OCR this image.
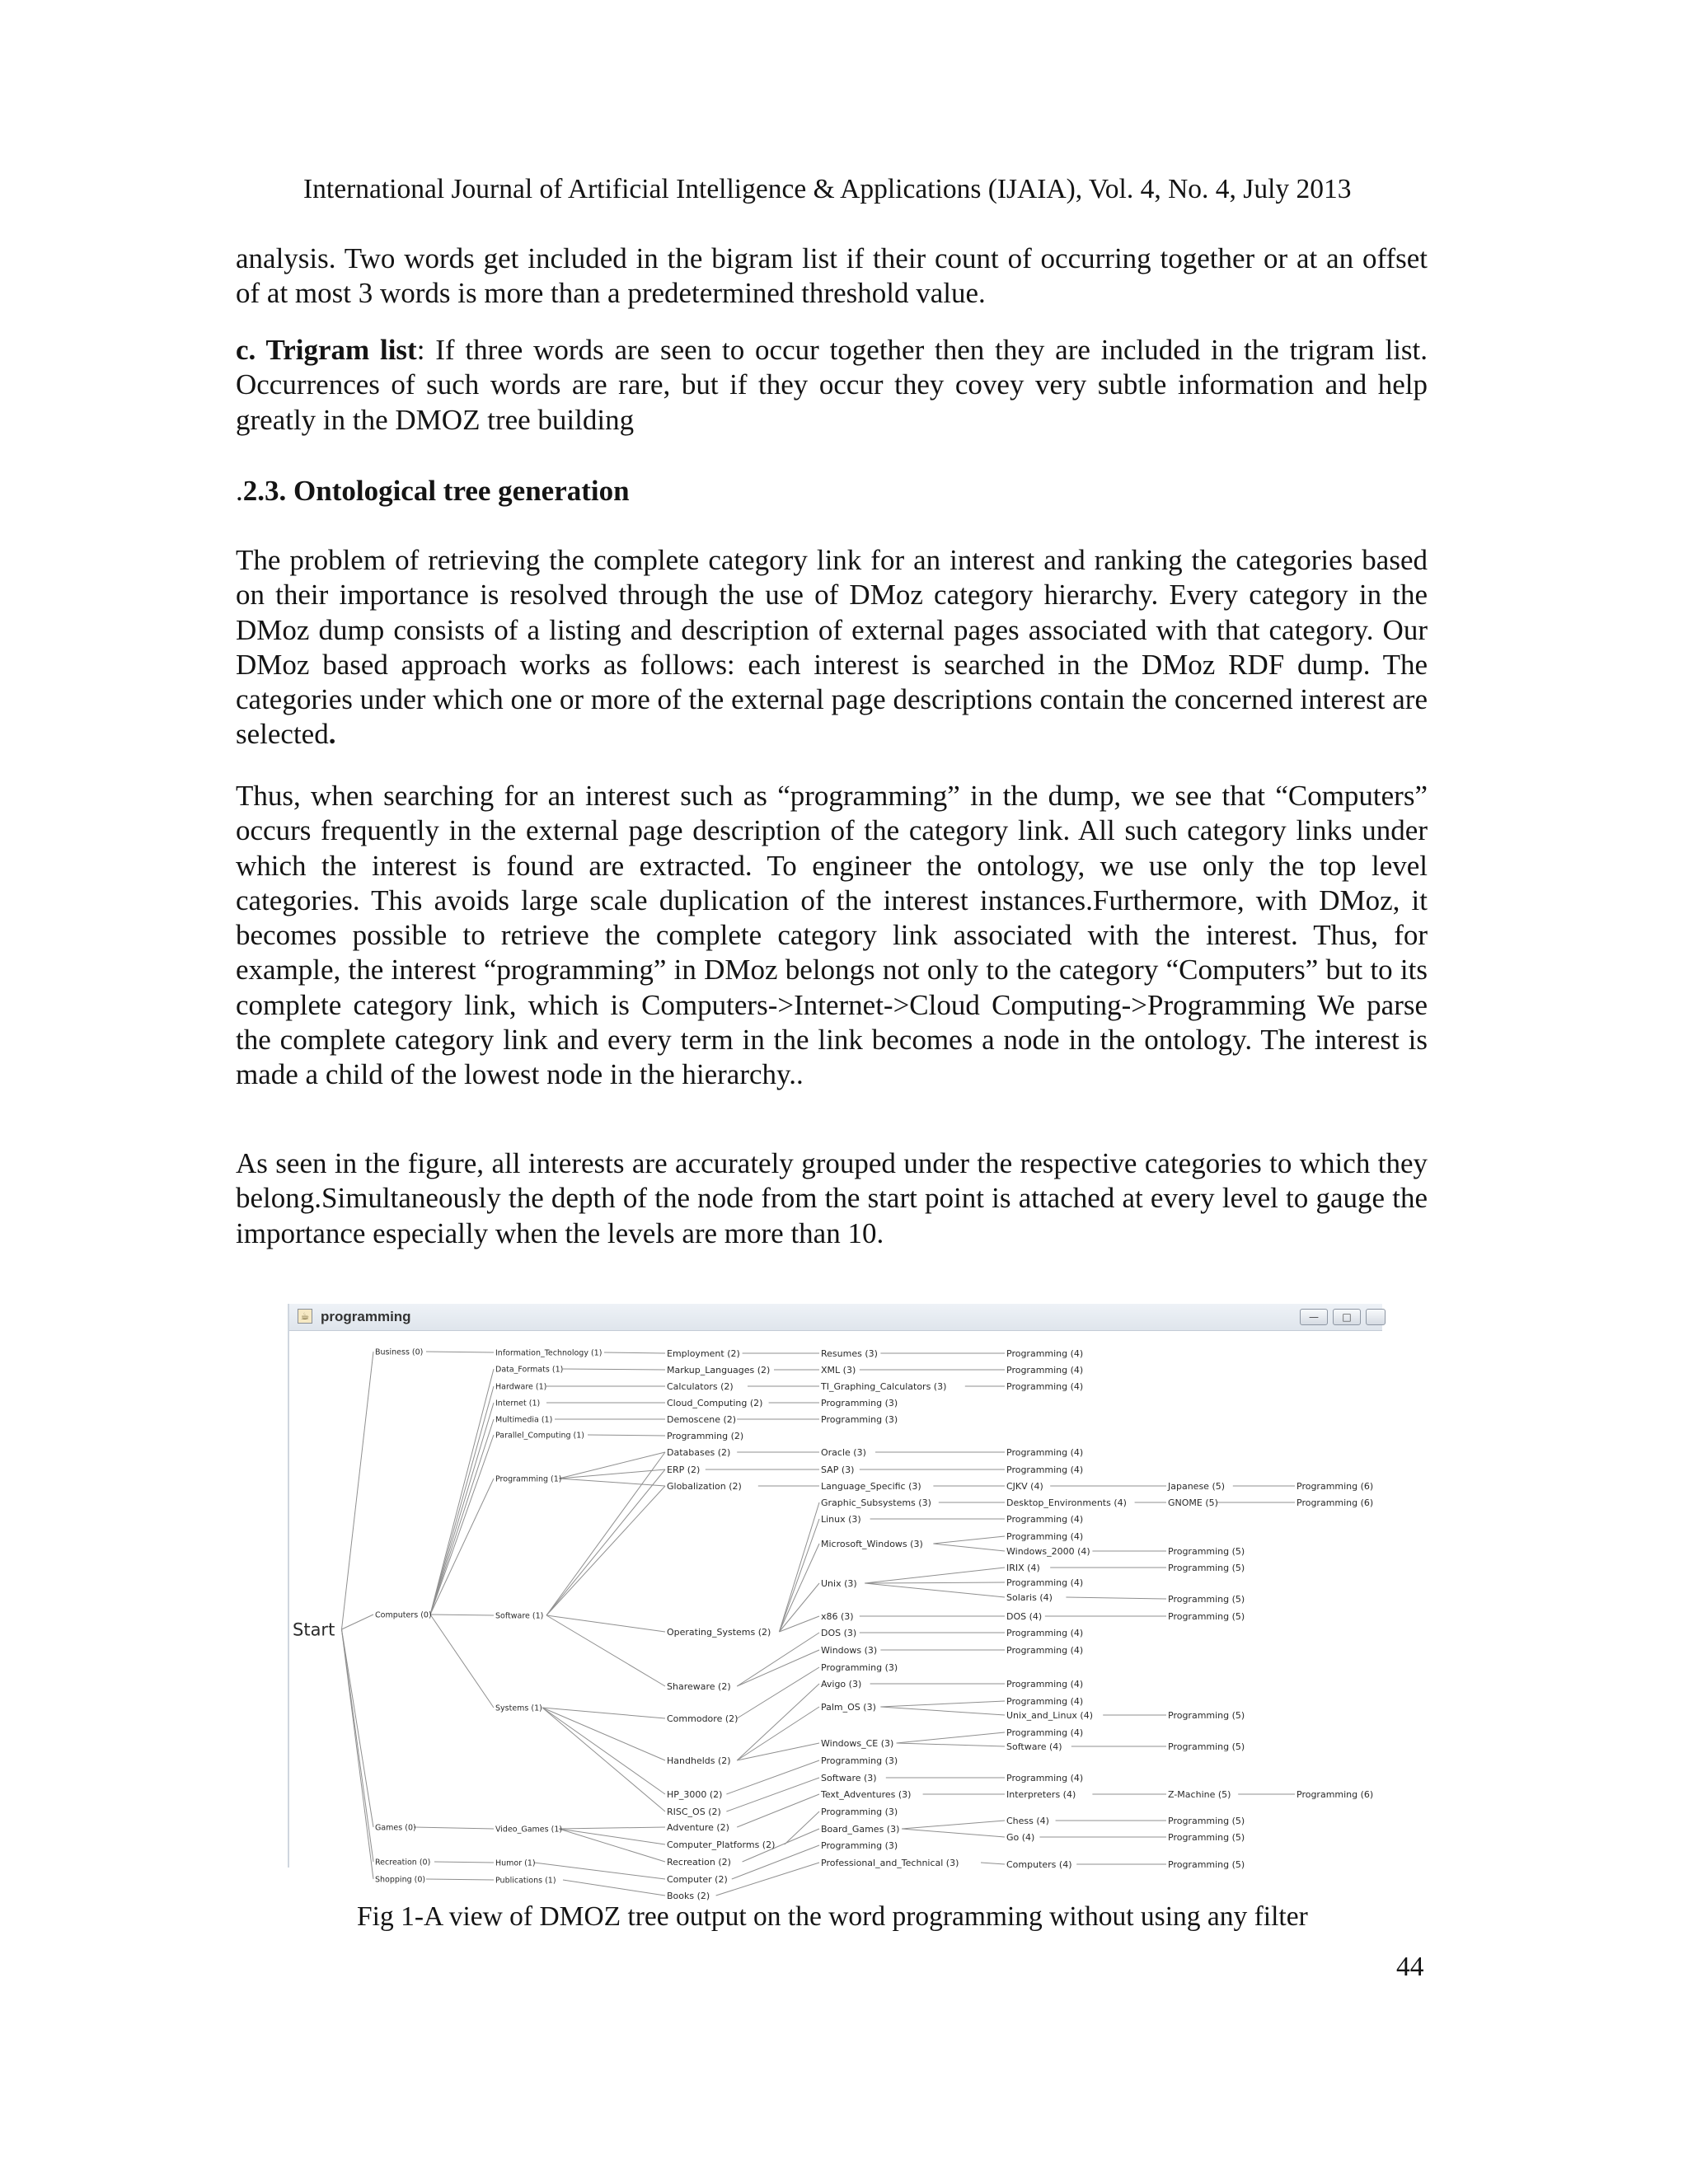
International Journal of Artificial Intelligence & Applications (IJAIA), Vol. 4, No. 4, July 2013
analysis. Two words get included in the bigram list if their count of occurring together or at an offset of at most 3 words is more than a predetermined threshold value.
c. Trigram list: If three words are seen to occur together then they are included in the trigram list. Occurrences of such words are rare, but if they occur they covey very subtle information and help greatly in the DMOZ tree building
.2.3. Ontological tree generation
The problem of retrieving the complete category link for an interest and ranking the categories based on their importance is resolved through the use of DMoz category hierarchy. Every category in the DMoz dump consists of a listing and description of external pages associated with that category. Our DMoz based approach works as follows: each interest is searched in the DMoz RDF dump. The categories under which one or more of the external page descriptions contain the concerned interest are selected.
Thus, when searching for an interest such as “programming” in the dump, we see that “Computers” occurs frequently in the external page description of the category link. All such category links under which the interest is found are extracted. To engineer the ontology, we use only the top level categories. This avoids large scale duplication of the interest instances.Furthermore, with DMoz, it becomes possible to retrieve the complete category link associated with the interest. Thus, for example, the interest “programming” in DMoz belongs not only to the category “Computers” but to its complete category link, which is Computers->Internet->Cloud Computing->Programming We parse the complete category link and every term in the link becomes a node in the ontology. The interest is made a child of the lowest node in the hierarchy..
As seen in the figure, all interests are accurately grouped under the respective categories to which they belong.Simultaneously the depth of the node from the start point is attached at every level to gauge the importance especially when the levels are more than 10.
☕ programming	—	□
Start
Business (0)
Computers (0)
Games (0)
Recreation (0)
Shopping (0)
Information_Technology (1)
Data_Formats (1)
Hardware (1)
Internet (1)
Multimedia (1)
Parallel_Computing (1)
Programming (1)
Software (1)
Systems (1)
Video_Games (1)
Humor (1)
Publications (1)
Employment (2)
Markup_Languages (2)
Calculators (2)
Cloud_Computing (2)
Demoscene (2)
Programming (2)
Databases (2)
ERP (2)
Globalization (2)
Operating_Systems (2)
Shareware (2)
Commodore (2)
Handhelds (2)
HP_3000 (2)
RISC_OS (2)
Adventure (2)
Computer_Platforms (2)
Recreation (2)
Computer (2)
Books (2)
Resumes (3)
XML (3)
TI_Graphing_Calculators (3)
Programming (3)
Programming (3)
Oracle (3)
SAP (3)
Language_Specific (3)
Graphic_Subsystems (3)
Linux (3)
Microsoft_Windows (3)
Unix (3)
x86 (3)
DOS (3)
Windows (3)
Programming (3)
Avigo (3)
Palm_OS (3)
Windows_CE (3)
Programming (3)
Software (3)
Text_Adventures (3)
Programming (3)
Board_Games (3)
Programming (3)
Professional_and_Technical (3)
Programming (4)
Programming (4)
Programming (4)
Programming (4)
Programming (4)
CJKV (4)
Desktop_Environments (4)
Programming (4)
Programming (4)
Windows_2000 (4)
IRIX (4)
Programming (4)
Solaris (4)
DOS (4)
Programming (4)
Programming (4)
Programming (4)
Programming (4)
Unix_and_Linux (4)
Programming (4)
Software (4)
Programming (4)
Interpreters (4)
Chess (4)
Go (4)
Computers (4)
Japanese (5)
GNOME (5)
Programming (5)
Programming (5)
Programming (5)
Programming (5)
Programming (5)
Programming (5)
Z-Machine (5)
Programming (5)
Programming (5)
Programming (5)
Programming (6)
Programming (6)
Programming (6)
Fig 1-A view of DMOZ tree output on the word programming without using any filter
44
